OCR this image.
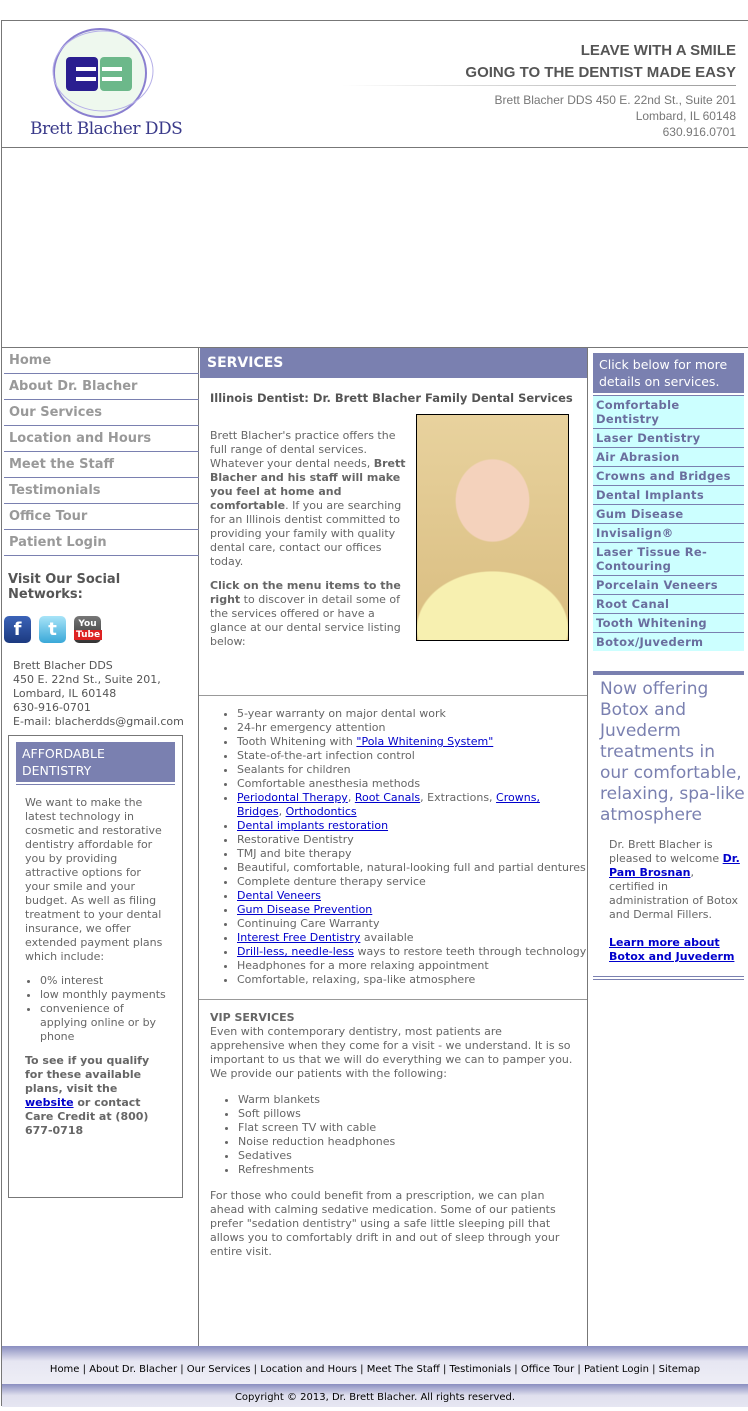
Brett Blacher DDS
LEAVE WITH A SMILE
GOING TO THE DENTIST MADE EASY
Brett Blacher DDS 450 E. 22nd St., Suite 201
Lombard, IL 60148
630.916.0701
Home
About Dr. Blacher
Our Services
Location and Hours
Meet the Staff
Testimonials
Office Tour
Patient Login
Visit Our Social Networks:
f	t	You
Tube
Brett Blacher DDS
450 E. 22nd St., Suite 201,
Lombard, IL 60148
630-916-0701
E-mail: blacherdds@gmail.com
AFFORDABLE DENTISTRY

We want to make the latest technology in cosmetic and restorative dentistry affordable for you by providing attractive options for your smile and your budget. As well as filing treatment to your dental insurance, we offer extended payment plans which include:

• 0% interest
• low monthly payments
• convenience of applying online or by phone

To see if you qualify for these available plans, visit the website or contact Care Credit at (800) 677-0718

SERVICES
Illinois Dentist: Dr. Brett Blacher Family Dental Services

Brett Blacher's practice offers the full range of dental services. Whatever your dental needs, Brett Blacher and his staff will make you feel at home and comfortable. If you are searching for an Illinois dentist committed to providing your family with quality dental care, contact our offices today.

Click on the menu items to the right to discover in detail some of the services offered or have a glance at our dental service listing below:

• 5-year warranty on major dental work
• 24-hr emergency attention
• Tooth Whitening with "Pola Whitening System"
• State-of-the-art infection control
• Sealants for children
• Comfortable anesthesia methods
• Periodontal Therapy, Root Canals, Extractions, Crowns, Bridges, Orthodontics
• Dental implants restoration
• Restorative Dentistry
• TMJ and bite therapy
• Beautiful, comfortable, natural-looking full and partial dentures
• Complete denture therapy service
• Dental Veneers
• Gum Disease Prevention
• Continuing Care Warranty
• Interest Free Dentistry available
• Drill-less, needle-less ways to restore teeth through technology
• Headphones for a more relaxing appointment
• Comfortable, relaxing, spa-like atmosphere
VIP SERVICES

Even with contemporary dentistry, most patients are apprehensive when they come for a visit - we understand. It is so important to us that we will do everything we can to pamper you. We provide our patients with the following:

• Warm blankets
• Soft pillows
• Flat screen TV with cable
• Noise reduction headphones
• Sedatives
• Refreshments

For those who could benefit from a prescription, we can plan ahead with calming sedative medication. Some of our patients prefer "sedation dentistry" using a safe little sleeping pill that allows you to comfortably drift in and out of sleep through your entire visit.

Click below for more details on services.
Comfortable Dentistry
Laser Dentistry
Air Abrasion
Crowns and Bridges
Dental Implants
Gum Disease
Invisalign®
Laser Tissue Re-Contouring
Porcelain Veneers
Root Canal
Tooth Whitening
Botox/Juvederm
Now offering Botox and Juvederm treatments in our comfortable, relaxing, spa-like atmosphere

Dr. Brett Blacher is pleased to welcome Dr. Pam Brosnan, certified in administration of Botox and Dermal Fillers.

Learn more about Botox and Juvederm

Home | About Dr. Blacher | Our Services | Location and Hours | Meet The Staff | Testimonials | Office Tour | Patient Login | Sitemap
Copyright © 2013, Dr. Brett Blacher. All rights reserved.
